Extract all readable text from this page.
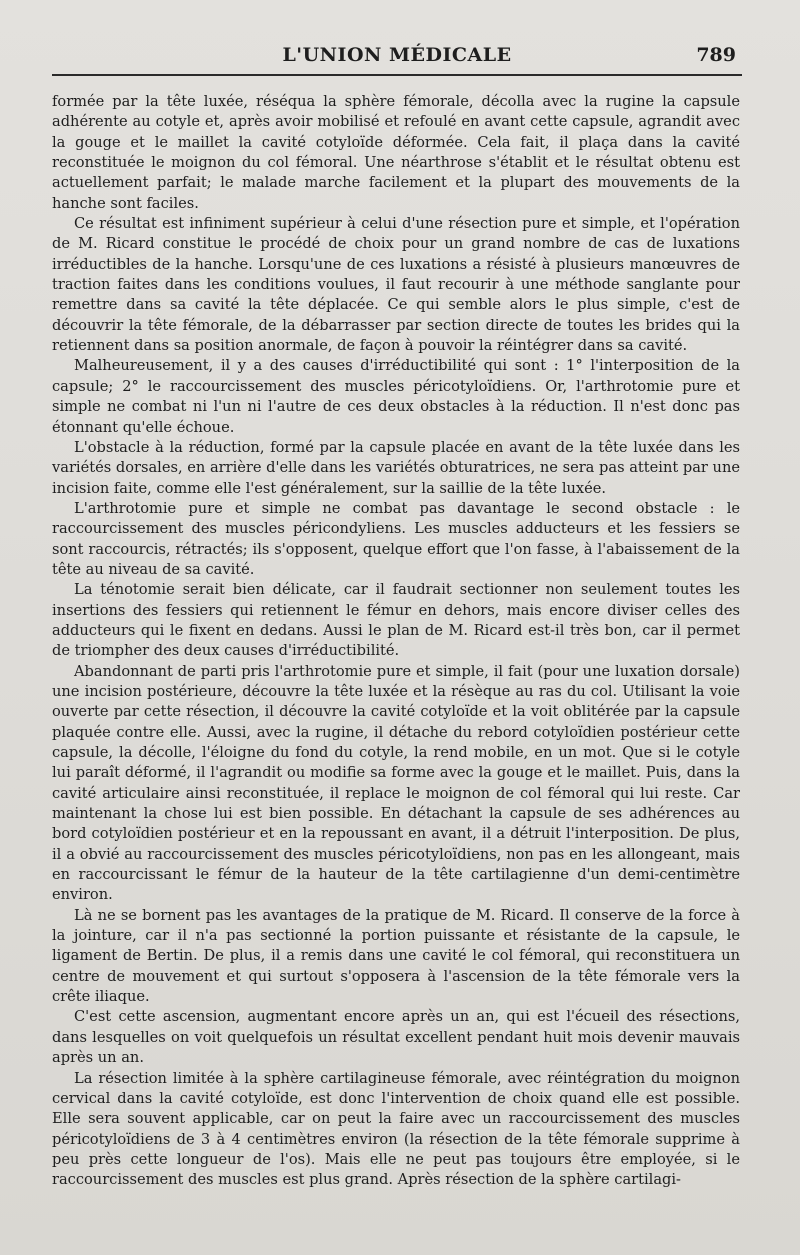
L'UNION MÉDICALE	789

formée par la tête luxée, réséqua la sphère fémorale, décolla avec la rugine la capsule adhérente au cotyle et, après avoir mobilisé et refoulé en avant cette capsule, agrandit avec la gouge et le maillet la cavité cotyloïde déformée. Cela fait, il plaça dans la cavité reconstituée le moignon du col fémoral. Une néarthrose s'établit et le résultat obtenu est actuellement parfait; le malade marche facilement et la plupart des mouvements de la hanche sont faciles.

Ce résultat est infiniment supérieur à celui d'une résection pure et simple, et l'opération de M. Ricard constitue le procédé de choix pour un grand nombre de cas de luxations irréductibles de la hanche. Lorsqu'une de ces luxations a résisté à plusieurs manœuvres de traction faites dans les conditions voulues, il faut recourir à une méthode sanglante pour remettre dans sa cavité la tête déplacée. Ce qui semble alors le plus simple, c'est de découvrir la tête fémorale, de la débarrasser par section directe de toutes les brides qui la retiennent dans sa position anormale, de façon à pouvoir la réintégrer dans sa cavité.

Malheureusement, il y a des causes d'irréductibilité qui sont : 1° l'interposition de la capsule; 2° le raccourcissement des muscles péricotyloïdiens. Or, l'arthrotomie pure et simple ne combat ni l'un ni l'autre de ces deux obstacles à la réduction. Il n'est donc pas étonnant qu'elle échoue.

L'obstacle à la réduction, formé par la capsule placée en avant de la tête luxée dans les variétés dorsales, en arrière d'elle dans les variétés obturatrices, ne sera pas atteint par une incision faite, comme elle l'est généralement, sur la saillie de la tête luxée.

L'arthrotomie pure et simple ne combat pas davantage le second obstacle : le raccourcissement des muscles péricondyliens. Les muscles adducteurs et les fessiers se sont raccourcis, rétractés; ils s'opposent, quelque effort que l'on fasse, à l'abaissement de la tête au niveau de sa cavité.

La ténotomie serait bien délicate, car il faudrait sectionner non seulement toutes les insertions des fessiers qui retiennent le fémur en dehors, mais encore diviser celles des adducteurs qui le fixent en dedans. Aussi le plan de M. Ricard est-il très bon, car il permet de triompher des deux causes d'irréductibilité.

Abandonnant de parti pris l'arthrotomie pure et simple, il fait (pour une luxation dorsale) une incision postérieure, découvre la tête luxée et la résèque au ras du col. Utilisant la voie ouverte par cette résection, il découvre la cavité cotyloïde et la voit oblitérée par la capsule plaquée contre elle. Aussi, avec la rugine, il détache du rebord cotyloïdien postérieur cette capsule, la décolle, l'éloigne du fond du cotyle, la rend mobile, en un mot. Que si le cotyle lui paraît déformé, il l'agrandit ou modifie sa forme avec la gouge et le maillet. Puis, dans la cavité articulaire ainsi reconstituée, il replace le moignon de col fémoral qui lui reste. Car maintenant la chose lui est bien possible. En détachant la capsule de ses adhérences au bord cotyloïdien postérieur et en la repoussant en avant, il a détruit l'interposition. De plus, il a obvié au raccourcissement des muscles péricotyloïdiens, non pas en les allongeant, mais en raccourcissant le fémur de la hauteur de la tête cartilagienne d'un demi-centimètre environ.

Là ne se bornent pas les avantages de la pratique de M. Ricard. Il conserve de la force à la jointure, car il n'a pas sectionné la portion puissante et résistante de la capsule, le ligament de Bertin. De plus, il a remis dans une cavité le col fémoral, qui reconstituera un centre de mouvement et qui surtout s'opposera à l'ascension de la tête fémorale vers la crête iliaque.

C'est cette ascension, augmentant encore après un an, qui est l'écueil des résections, dans lesquelles on voit quelquefois un résultat excellent pendant huit mois devenir mauvais après un an.

La résection limitée à la sphère cartilagineuse fémorale, avec réintégration du moignon cervical dans la cavité cotyloïde, est donc l'intervention de choix quand elle est possible. Elle sera souvent applicable, car on peut la faire avec un raccourcissement des muscles péricotyloïdiens de 3 à 4 centimètres environ (la résection de la tête fémorale supprime à peu près cette longueur de l'os). Mais elle ne peut pas toujours être employée, si le raccourcissement des muscles est plus grand. Après résection de la sphère cartilagi-
